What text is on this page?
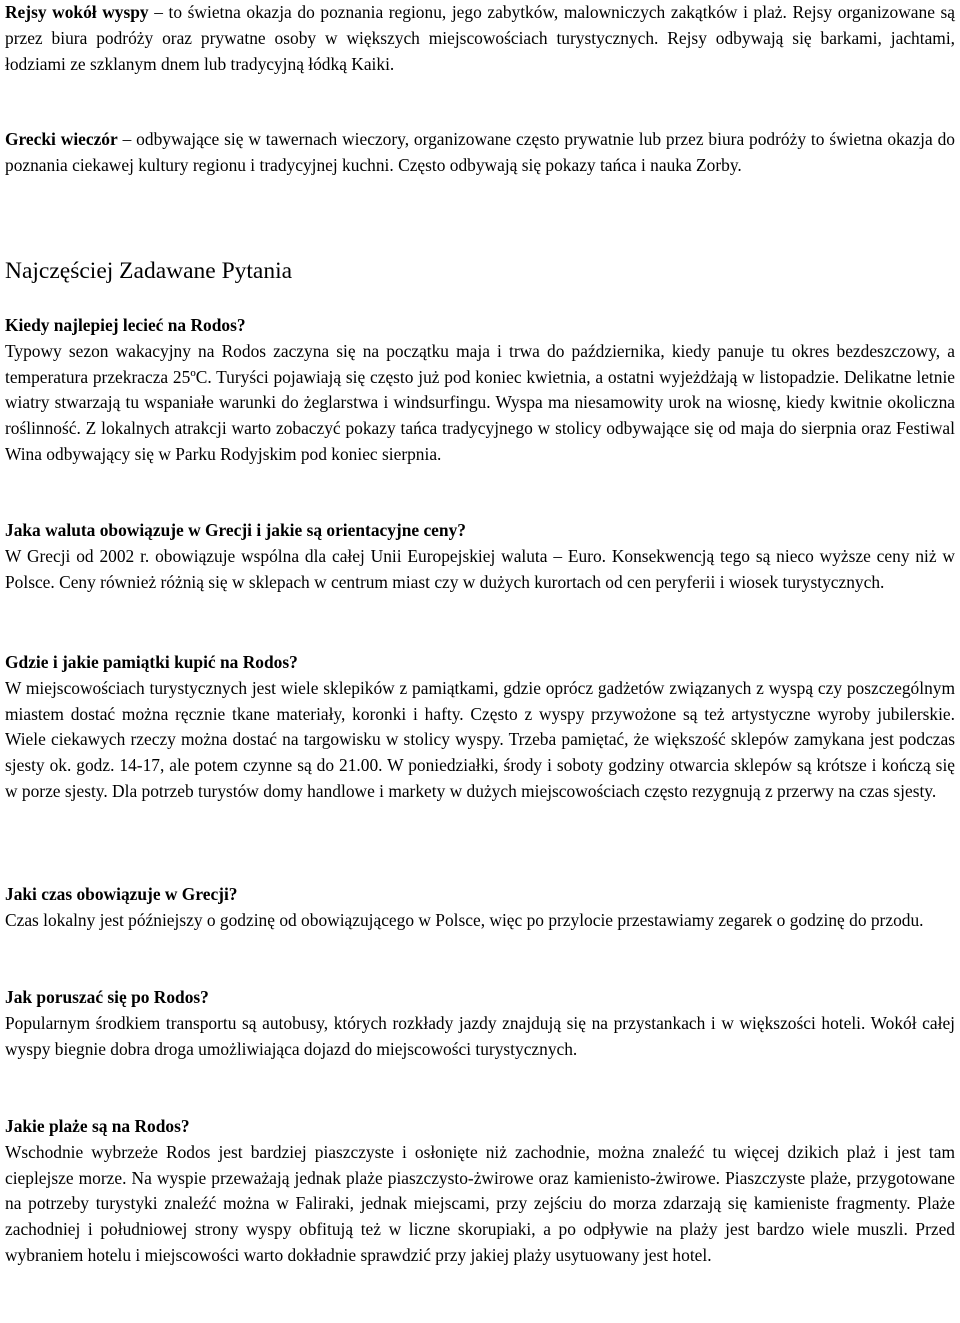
Rejsy wokół wyspy – to świetna okazja do poznania regionu, jego zabytków, malowniczych zakątków i plaż. Rejsy organizowane są przez biura podróży oraz prywatne osoby w większych miejscowościach turystycznych. Rejsy odbywają się barkami, jachtami, łodziami ze szklanym dnem lub tradycyjną łódką Kaiki.

Grecki wieczór – odbywające się w tawernach wieczory, organizowane często prywatnie lub przez biura podróży to świetna okazja do poznania ciekawej kultury regionu i tradycyjnej kuchni. Często odbywają się pokazy tańca i nauka Zorby.

Najczęściej Zadawane Pytania
Kiedy najlepiej lecieć na Rodos?

Typowy sezon wakacyjny na Rodos zaczyna się na początku maja i trwa do października, kiedy panuje tu okres bezdeszczowy, a temperatura przekracza 25ºC. Turyści pojawiają się często już pod koniec kwietnia, a ostatni wyjeżdżają w listopadzie. Delikatne letnie wiatry stwarzają tu wspaniałe warunki do żeglarstwa i windsurfingu. Wyspa ma niesamowity urok na wiosnę, kiedy kwitnie okoliczna roślinność. Z lokalnych atrakcji warto zobaczyć pokazy tańca tradycyjnego w stolicy odbywające się od maja do sierpnia oraz Festiwal Wina odbywający się w Parku Rodyjskim pod koniec sierpnia.

Jaka waluta obowiązuje w Grecji i jakie są orientacyjne ceny?

W Grecji od 2002 r. obowiązuje wspólna dla całej Unii Europejskiej waluta – Euro. Konsekwencją tego są nieco wyższe ceny niż w Polsce. Ceny również różnią się w sklepach w centrum miast czy w dużych kurortach od cen peryferii i wiosek turystycznych.

Gdzie i jakie pamiątki kupić na Rodos?

W miejscowościach turystycznych jest wiele sklepików z pamiątkami, gdzie oprócz gadżetów związanych z wyspą czy poszczególnym miastem dostać można ręcznie tkane materiały, koronki i hafty. Często z wyspy przywożone są też artystyczne wyroby jubilerskie. Wiele ciekawych rzeczy można dostać na targowisku w stolicy wyspy. Trzeba pamiętać, że większość sklepów zamykana jest podczas sjesty ok. godz. 14-17, ale potem czynne są do 21.00. W poniedziałki, środy i soboty godziny otwarcia sklepów są krótsze i kończą się w porze sjesty. Dla potrzeb turystów domy handlowe i markety w dużych miejscowościach często rezygnują z przerwy na czas sjesty.

Jaki czas obowiązuje w Grecji?

Czas lokalny jest późniejszy o godzinę od obowiązującego w Polsce, więc po przylocie przestawiamy zegarek o godzinę do przodu.

Jak poruszać się po Rodos?

Popularnym środkiem transportu są autobusy, których rozkłady jazdy znajdują się na przystankach i w większości hoteli. Wokół całej wyspy biegnie dobra droga umożliwiająca dojazd do miejscowości turystycznych.

Jakie plaże są na Rodos?

Wschodnie wybrzeże Rodos jest bardziej piaszczyste i osłonięte niż zachodnie, można znaleźć tu więcej dzikich plaż i jest tam cieplejsze morze. Na wyspie przeważają jednak plaże piaszczysto-żwirowe oraz kamienisto-żwirowe. Piaszczyste plaże, przygotowane na potrzeby turystyki znaleźć można w Faliraki, jednak miejscami, przy zejściu do morza zdarzają się kamieniste fragmenty. Plaże zachodniej i południowej strony wyspy obfitują też w liczne skorupiaki, a po odpływie na plaży jest bardzo wiele muszli. Przed wybraniem hotelu i miejscowości warto dokładnie sprawdzić przy jakiej plaży usytuowany jest hotel.
